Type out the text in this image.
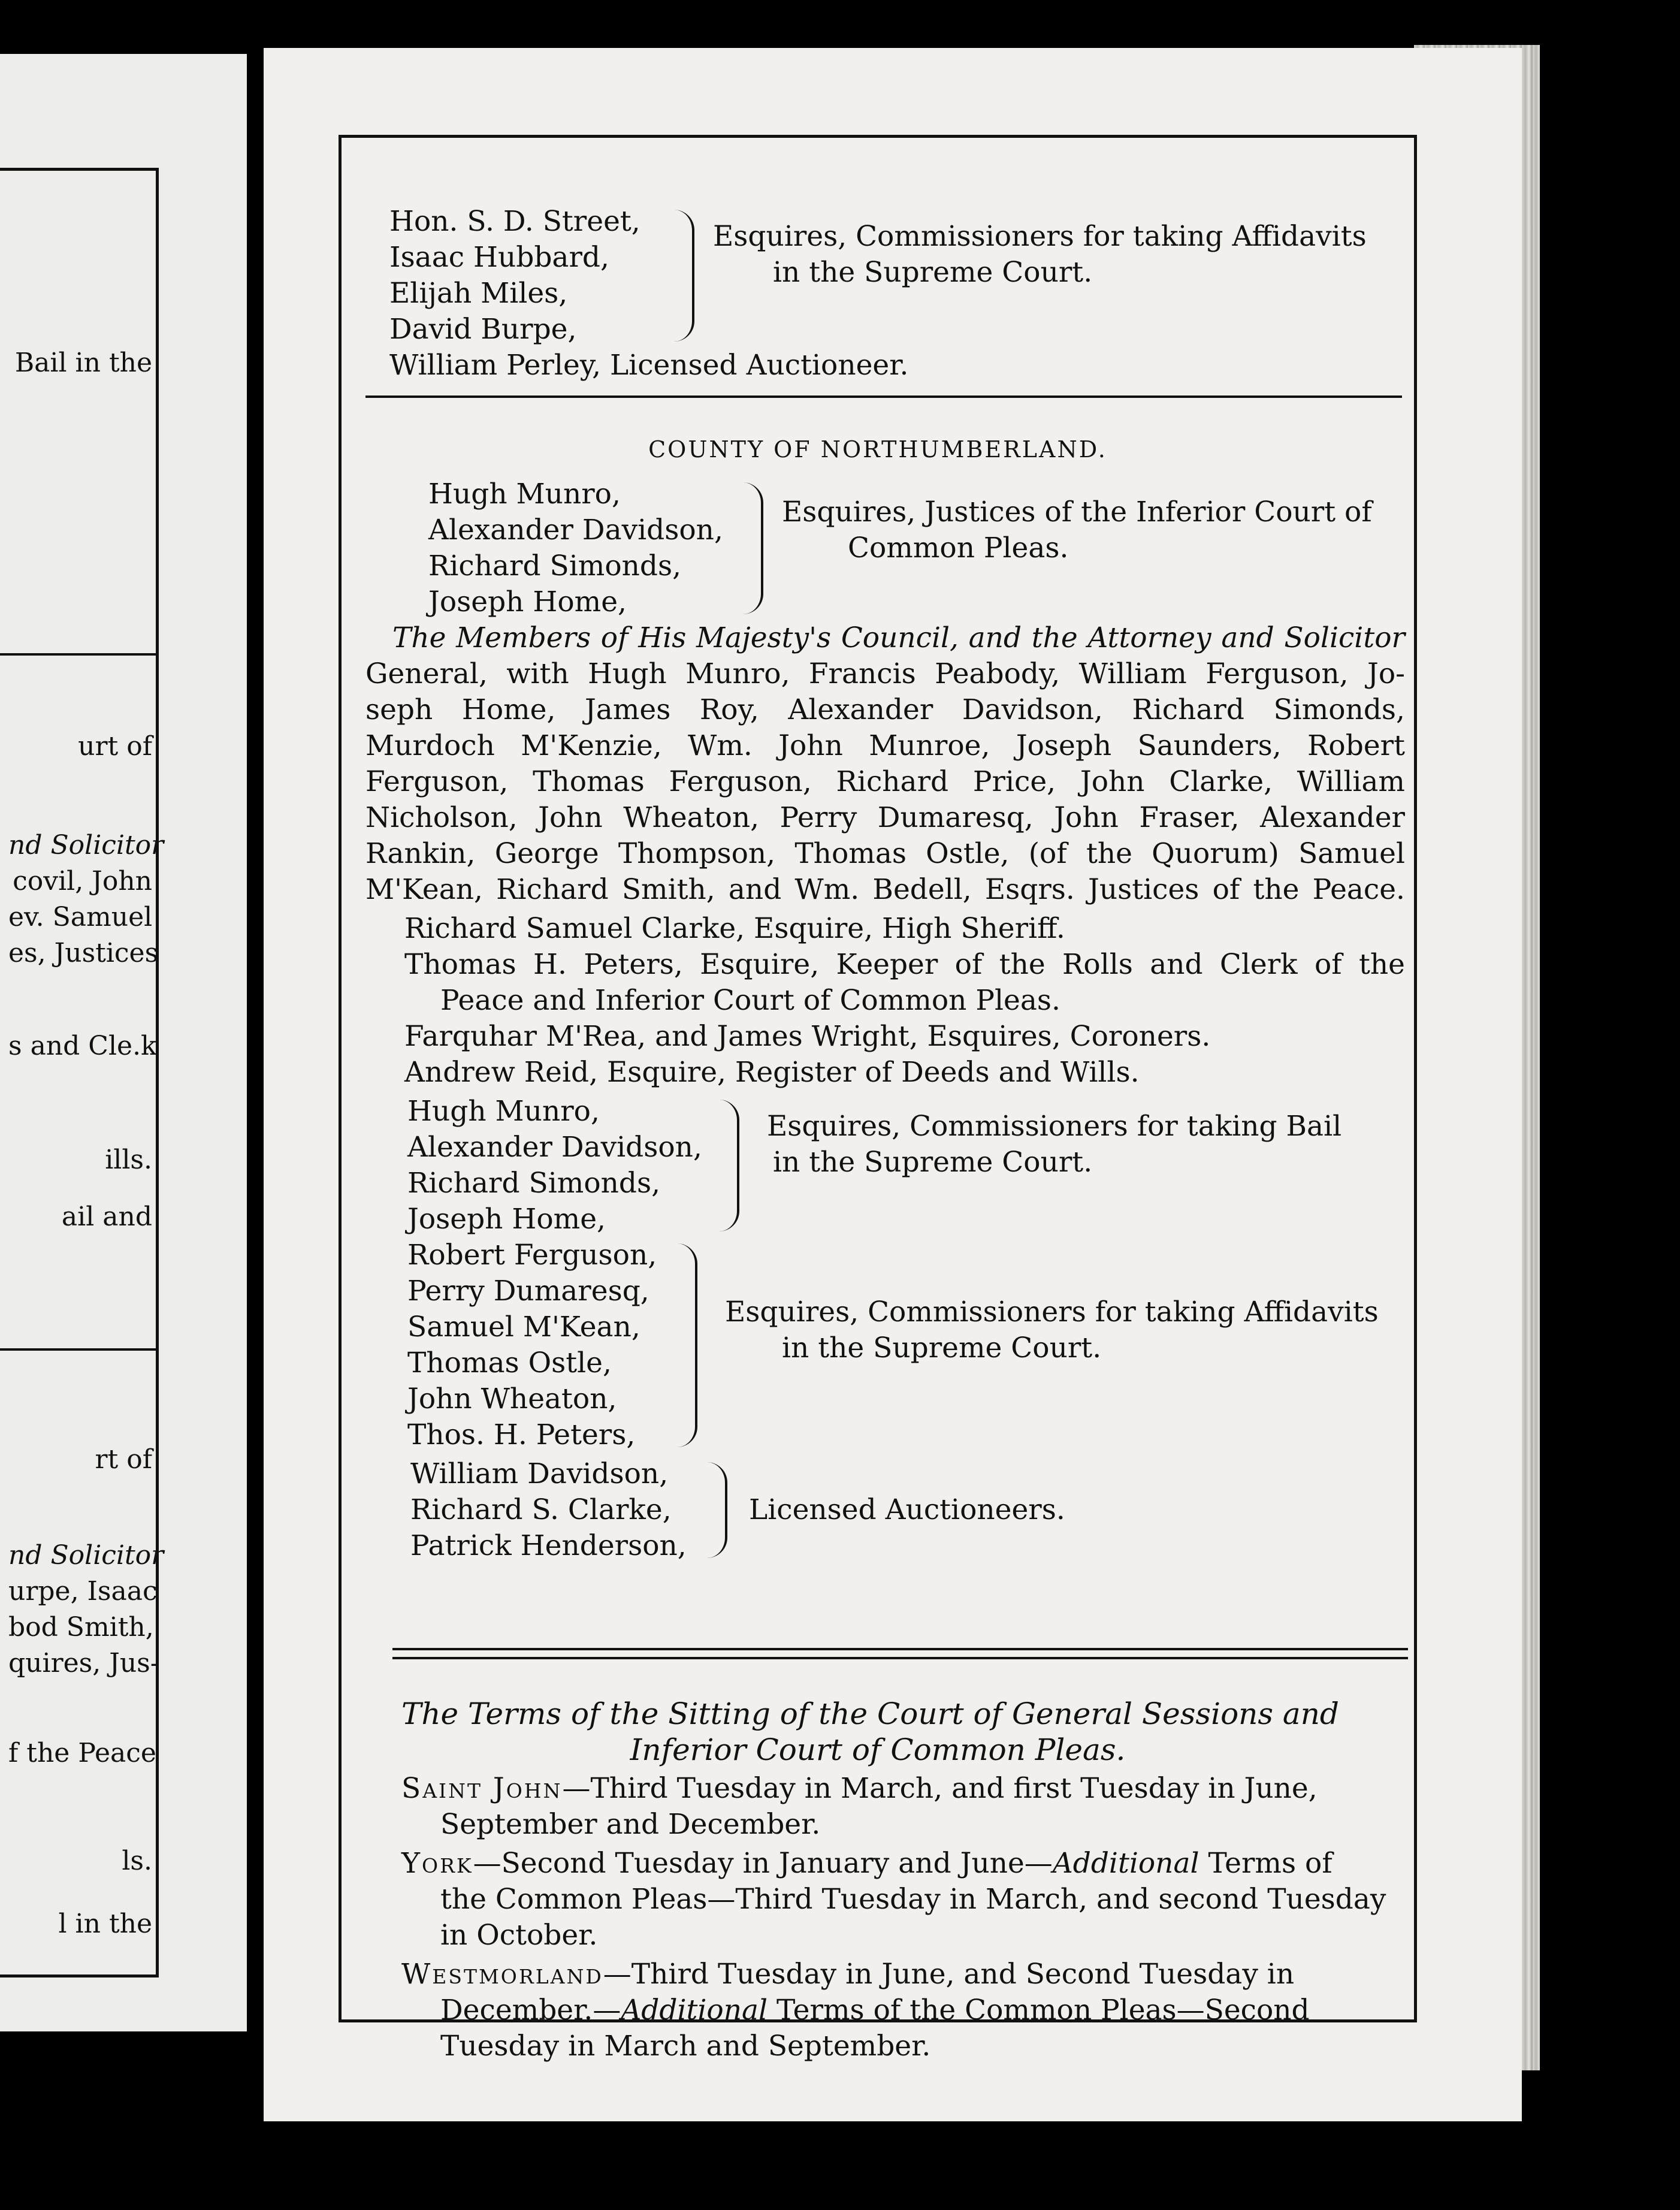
Bail in the
urt of
nd Solicitor
covil, John
ev. Samuel
es, Justices
s and Cle.k
ills.
ail and
rt of
nd Solicitor
urpe, Isaac
bod Smith,
quires, Jus-
f the Peace
ls.
l in the
Hon. S. D. Street,
Isaac Hubbard,
Elijah Miles,
David Burpe,
Esquires, Commissioners for taking Affidavits
in the Supreme Court.
William Perley, Licensed Auctioneer.
COUNTY OF NORTHUMBERLAND.
Hugh Munro,
Alexander Davidson,
Richard Simonds,
Joseph Home,
Esquires, Justices of the Inferior Court of
Common Pleas.
The Members of His Majesty's Council, and the Attorney and Solicitor
General, with Hugh Munro, Francis Peabody, William Ferguson, Jo-
seph Home, James Roy, Alexander Davidson, Richard Simonds,
Murdoch M'Kenzie, Wm. John Munroe, Joseph Saunders, Robert
Ferguson, Thomas Ferguson, Richard Price, John Clarke, William
Nicholson, John Wheaton, Perry Dumaresq, John Fraser, Alexander
Rankin, George Thompson, Thomas Ostle, (of the Quorum) Samuel
M'Kean, Richard Smith, and Wm. Bedell, Esqrs. Justices of the Peace.
Richard Samuel Clarke, Esquire, High Sheriff.
Thomas H. Peters, Esquire, Keeper of the Rolls and Clerk of the
Peace and Inferior Court of Common Pleas.
Farquhar M'Rea, and James Wright, Esquires, Coroners.
Andrew Reid, Esquire, Register of Deeds and Wills.
Hugh Munro,
Alexander Davidson,
Richard Simonds,
Joseph Home,
Esquires, Commissioners for taking Bail
in the Supreme Court.
Robert Ferguson,
Perry Dumaresq,
Samuel M'Kean,
Thomas Ostle,
John Wheaton,
Thos. H. Peters,
Esquires, Commissioners for taking Affidavits
in the Supreme Court.
William Davidson,
Richard S. Clarke,
Patrick Henderson,
Licensed Auctioneers.
The Terms of the Sitting of the Court of General Sessions and
Inferior Court of Common Pleas.
Saint John—Third Tuesday in March, and first Tuesday in June,
September and December.
York—Second Tuesday in January and June—Additional Terms of
the Common Pleas—Third Tuesday in March, and second Tuesday
in October.
Westmorland—Third Tuesday in June, and Second Tuesday in
December.—Additional Terms of the Common Pleas—Second
Tuesday in March and September.
